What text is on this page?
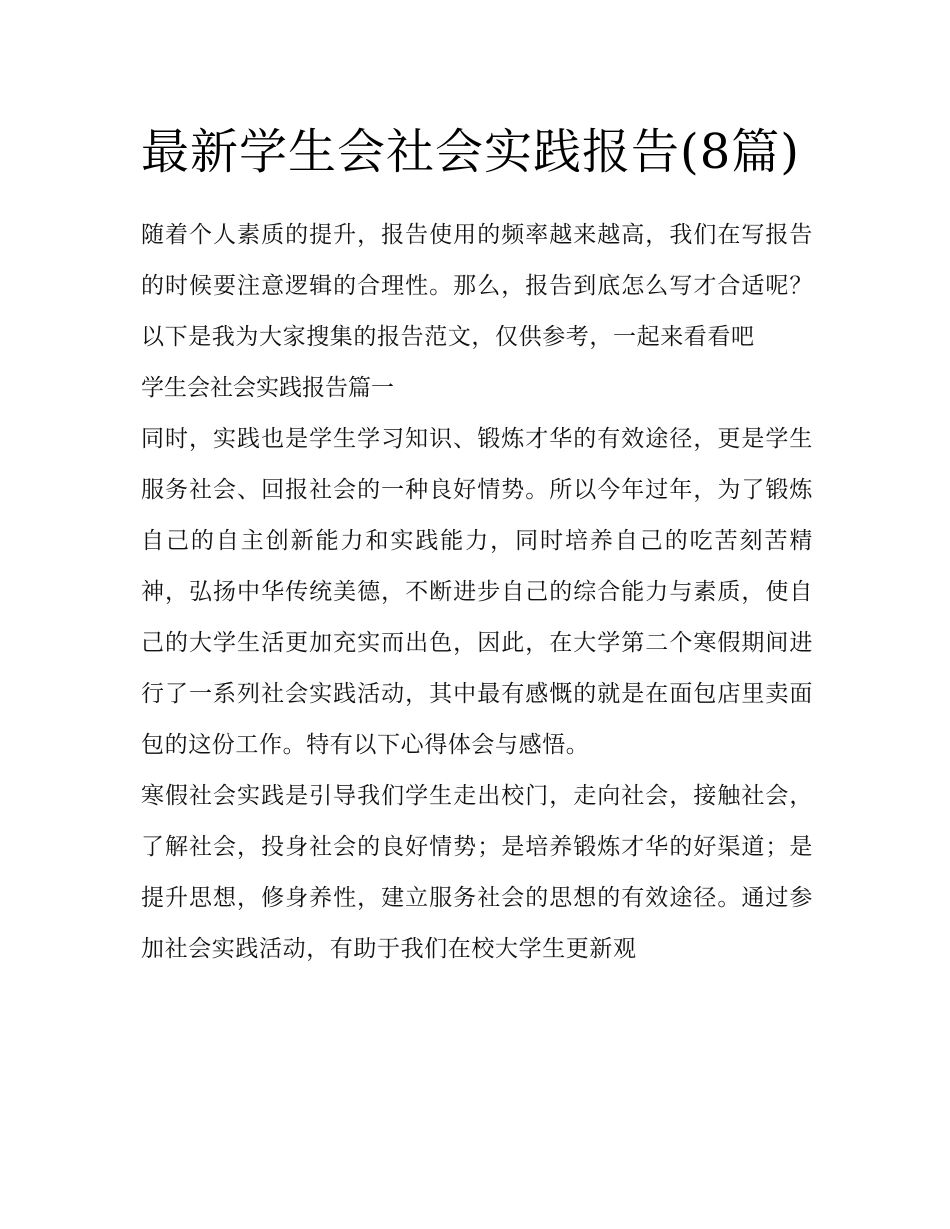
最新学生会社会实践报告(8篇)

随着个人素质的提升，报告使用的频率越来越高，我们在写报告的时候要注意逻辑的合理性。那么，报告到底怎么写才合适呢？以下是我为大家搜集的报告范文，仅供参考，一起来看看吧

学生会社会实践报告篇一

同时，实践也是学生学习知识、锻炼才华的有效途径，更是学生服务社会、回报社会的一种良好情势。所以今年过年，为了锻炼自己的自主创新能力和实践能力，同时培养自己的吃苦刻苦精神，弘扬中华传统美德，不断进步自己的综合能力与素质，使自己的大学生活更加充实而出色，因此，在大学第二个寒假期间进行了一系列社会实践活动，其中最有感慨的就是在面包店里卖面包的这份工作。特有以下心得体会与感悟。

寒假社会实践是引导我们学生走出校门，走向社会，接触社会，了解社会，投身社会的良好情势；是培养锻炼才华的好渠道；是提升思想，修身养性，建立服务社会的思想的有效途径。通过参加社会实践活动，有助于我们在校大学生更新观
